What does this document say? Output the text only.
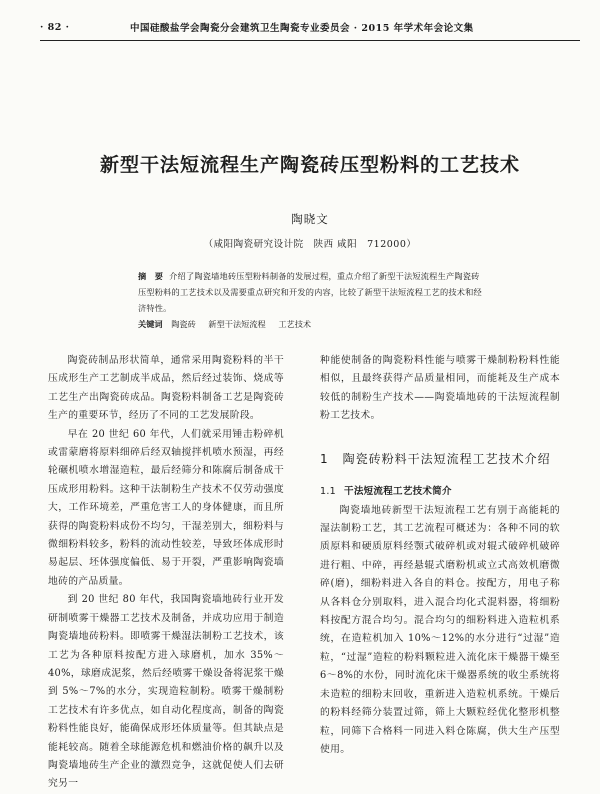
· 82 ·	中国硅酸盐学会陶瓷分会建筑卫生陶瓷专业委员会 · 2015 年学术年会论文集
新型干法短流程生产陶瓷砖压型粉料的工艺技术
陶晓文
（咸阳陶瓷研究设计院　陕西 咸阳　712000）
摘　要 介绍了陶瓷墙地砖压型粉料制备的发展过程，重点介绍了新型干法短流程生产陶瓷砖压型粉料的工艺技术以及需要重点研究和开发的内容，比较了新型干法短流程工艺的技术和经济特性。
关键词 陶瓷砖 新型干法短流程 工艺技术

陶瓷砖制品形状简单，通常采用陶瓷粉料的半干压成形生产工艺制成半成品，然后经过装饰、烧成等工艺生产出陶瓷砖成品。陶瓷粉料制备工艺是陶瓷砖生产的重要环节，经历了不同的工艺发展阶段。

早在 20 世纪 60 年代，人们就采用锤击粉碎机或雷蒙磨将原料细碎后经双轴搅拌机喷水预湿，再经轮碾机喷水增湿造粒，最后经筛分和陈腐后制备成干压成形用粉料。这种干法制粉生产技术不仅劳动强度大，工作环境差，严重危害工人的身体健康，而且所获得的陶瓷粉料成份不均匀，干湿差别大，细粉料与微细粉料较多，粉料的流动性较差，导致坯体成形时易起层、坯体强度偏低、易于开裂，严重影响陶瓷墙地砖的产品质量。

到 20 世纪 80 年代，我国陶瓷墙地砖行业开发研制喷雾干燥器工艺技术及制备，并成功应用于制造陶瓷墙地砖粉料。即喷雾干燥湿法制粉工艺技术，该工艺为各种原料按配方进入球磨机，加水 35%～40%，球磨成泥浆，然后经喷雾干燥设备将泥浆干燥到 5%～7%的水分，实现造粒制粉。喷雾干燥制粉工艺技术有许多优点，如自动化程度高，制备的陶瓷粉料性能良好，能确保成形坯体质量等。但其缺点是能耗较高。随着全球能源危机和燃油价格的飙升以及陶瓷墙地砖生产企业的激烈竞争，这就促使人们去研究另一

种能使制备的陶瓷粉料性能与喷雾干燥制粉粉料性能相似，且最终获得产品质量相同，而能耗及生产成本较低的制粉生产技术——陶瓷墙地砖的干法短流程制粉工艺技术。

1 陶瓷砖粉料干法短流程工艺技术介绍
1.1 干法短流程工艺技术简介

陶瓷墙地砖新型干法短流程工艺有别于高能耗的湿法制粉工艺，其工艺流程可概述为：各种不同的软质原料和硬质原料经颚式破碎机或对辊式破碎机破碎进行粗、中碎，再经悬辊式磨粉机或立式高效机磨微碎(磨)，细粉料进入各自的料仓。按配方，用电子称从各料仓分别取料，进入混合均化式混料器，将细粉料按配方混合均匀。混合均匀的细粉料进入造粒机系统，在造粒机加入 10%～12%的水分进行“过湿”造粒，“过湿”造粒的粉料颗粒进入流化床干燥器干燥至 6～8%的水份，同时流化床干燥器系统的收尘系统将未造粒的细粉末回收，重新进入造粒机系统。干燥后的粉料经筛分装置过筛，筛上大颗粒经优化整形机整粒，同筛下合格料一同进入料仓陈腐，供大生产压型使用。
